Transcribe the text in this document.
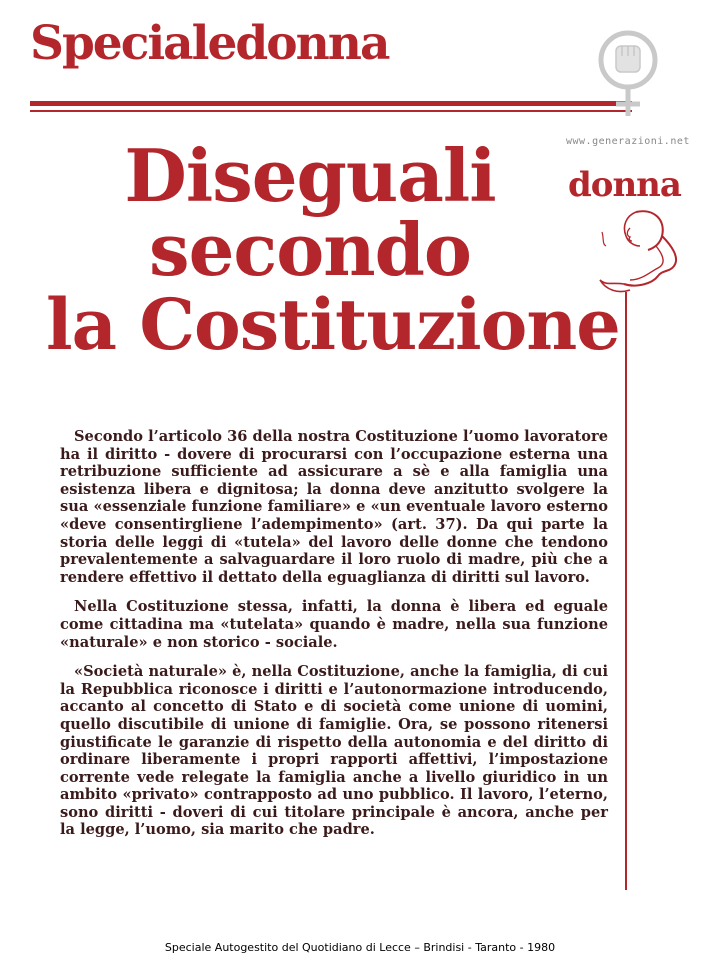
Specialedonna
www.generazioni.net
donna
Diseguali
secondo
la Costituzione

Secondo l’articolo 36 della nostra Costituzione l’uomo lavoratore ha il diritto - dovere di procurarsi con l’occupazione esterna una retribuzione sufficiente ad assicurare a sè e alla famiglia una esistenza libera e dignitosa; la donna deve anzitutto svolgere la sua «essenziale funzione familiare» e «un eventuale lavoro esterno «deve consentirgliene l’adempimento» (art. 37). Da qui parte la storia delle leggi di «tutela» del lavoro delle donne che tendono prevalentemente a salvaguardare il loro ruolo di madre, più che a rendere effettivo il dettato della eguaglianza di diritti sul lavoro.

Nella Costituzione stessa, infatti, la donna è libera ed eguale come cittadina ma «tutelata» quando è madre, nella sua funzione «naturale» e non storico - sociale.

«Società naturale» è, nella Costituzione, anche la famiglia, di cui la Repubblica riconosce i diritti e l’autonormazione introducendo, accanto al concetto di Stato e di società come unione di uomini, quello discutibile di unione di famiglie. Ora, se possono ritenersi giustificate le garanzie di rispetto della autonomia e del diritto di ordinare liberamente i propri rapporti affettivi, l’impostazione corrente vede relegate la famiglia anche a livello giuridico in un ambito «privato» contrapposto ad uno pubblico. Il lavoro, l’eterno, sono diritti - doveri di cui titolare principale è ancora, anche per la legge, l’uomo, sia marito che padre.

Speciale Autogestito del Quotidiano di Lecce – Brindisi - Taranto - 1980
